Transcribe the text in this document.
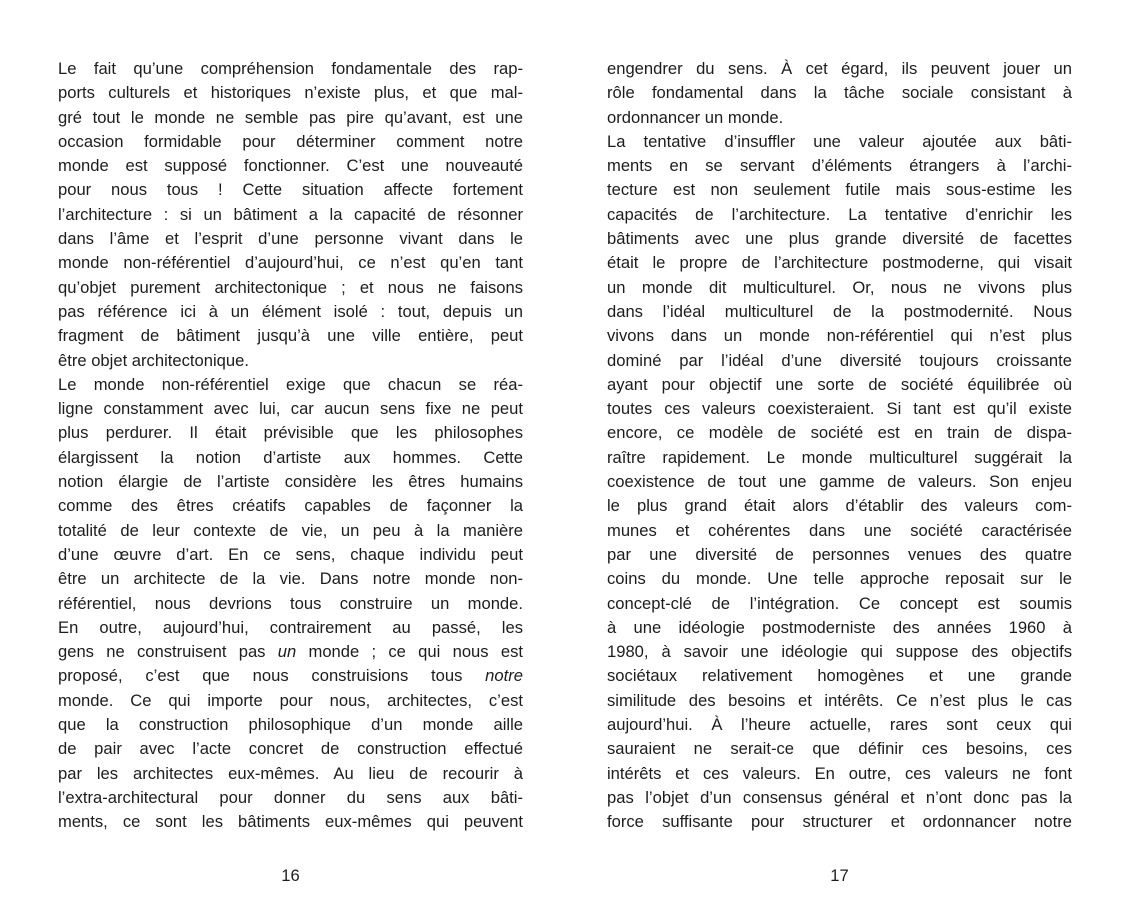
Le fait qu’une compréhension fondamentale des rap-
ports culturels et historiques n’existe plus, et que mal-
gré tout le monde ne semble pas pire qu’avant, est une
occasion formidable pour déterminer comment notre
monde est supposé fonctionner. C’est une nouveauté
pour nous tous ! Cette situation affecte fortement
l’architecture : si un bâtiment a la capacité de résonner
dans l’âme et l’esprit d’une personne vivant dans le
monde non-référentiel d’aujourd’hui, ce n’est qu’en tant
qu’objet purement architectonique ; et nous ne faisons
pas référence ici à un élément isolé : tout, depuis un
fragment de bâtiment jusqu’à une ville entière, peut
être objet architectonique.
Le monde non-référentiel exige que chacun se réa-
ligne constamment avec lui, car aucun sens fixe ne peut
plus perdurer. Il était prévisible que les philosophes
élargissent la notion d’artiste aux hommes. Cette
notion élargie de l’artiste considère les êtres humains
comme des êtres créatifs capables de façonner la
totalité de leur contexte de vie, un peu à la manière
d’une œuvre d’art. En ce sens, chaque individu peut
être un architecte de la vie. Dans notre monde non-
référentiel, nous devrions tous construire un monde.
En outre, aujourd’hui, contrairement au passé, les
gens ne construisent pas un monde ; ce qui nous est
proposé, c’est que nous construisions tous notre
monde. Ce qui importe pour nous, architectes, c’est
que la construction philosophique d’un monde aille
de pair avec l’acte concret de construction effectué
par les architectes eux-mêmes. Au lieu de recourir à
l’extra-architectural pour donner du sens aux bâti-
ments, ce sont les bâtiments eux-mêmes qui peuvent
16
engendrer du sens. À cet égard, ils peuvent jouer un
rôle fondamental dans la tâche sociale consistant à
ordonnancer un monde.
La tentative d’insuffler une valeur ajoutée aux bâti-
ments en se servant d’éléments étrangers à l’archi-
tecture est non seulement futile mais sous-estime les
capacités de l’architecture. La tentative d’enrichir les
bâtiments avec une plus grande diversité de facettes
était le propre de l’architecture postmoderne, qui visait
un monde dit multiculturel. Or, nous ne vivons plus
dans l’idéal multiculturel de la postmodernité. Nous
vivons dans un monde non-référentiel qui n’est plus
dominé par l’idéal d’une diversité toujours croissante
ayant pour objectif une sorte de société équilibrée où
toutes ces valeurs coexisteraient. Si tant est qu’il existe
encore, ce modèle de société est en train de dispa-
raître rapidement. Le monde multiculturel suggérait la
coexistence de tout une gamme de valeurs. Son enjeu
le plus grand était alors d’établir des valeurs com-
munes et cohérentes dans une société caractérisée
par une diversité de personnes venues des quatre
coins du monde. Une telle approche reposait sur le
concept-clé de l’intégration. Ce concept est soumis
à une idéologie postmoderniste des années 1960 à
1980, à savoir une idéologie qui suppose des objectifs
sociétaux relativement homogènes et une grande
similitude des besoins et intérêts. Ce n’est plus le cas
aujourd’hui. À l’heure actuelle, rares sont ceux qui
sauraient ne serait-ce que définir ces besoins, ces
intérêts et ces valeurs. En outre, ces valeurs ne font
pas l’objet d’un consensus général et n’ont donc pas la
force suffisante pour structurer et ordonnancer notre
17
